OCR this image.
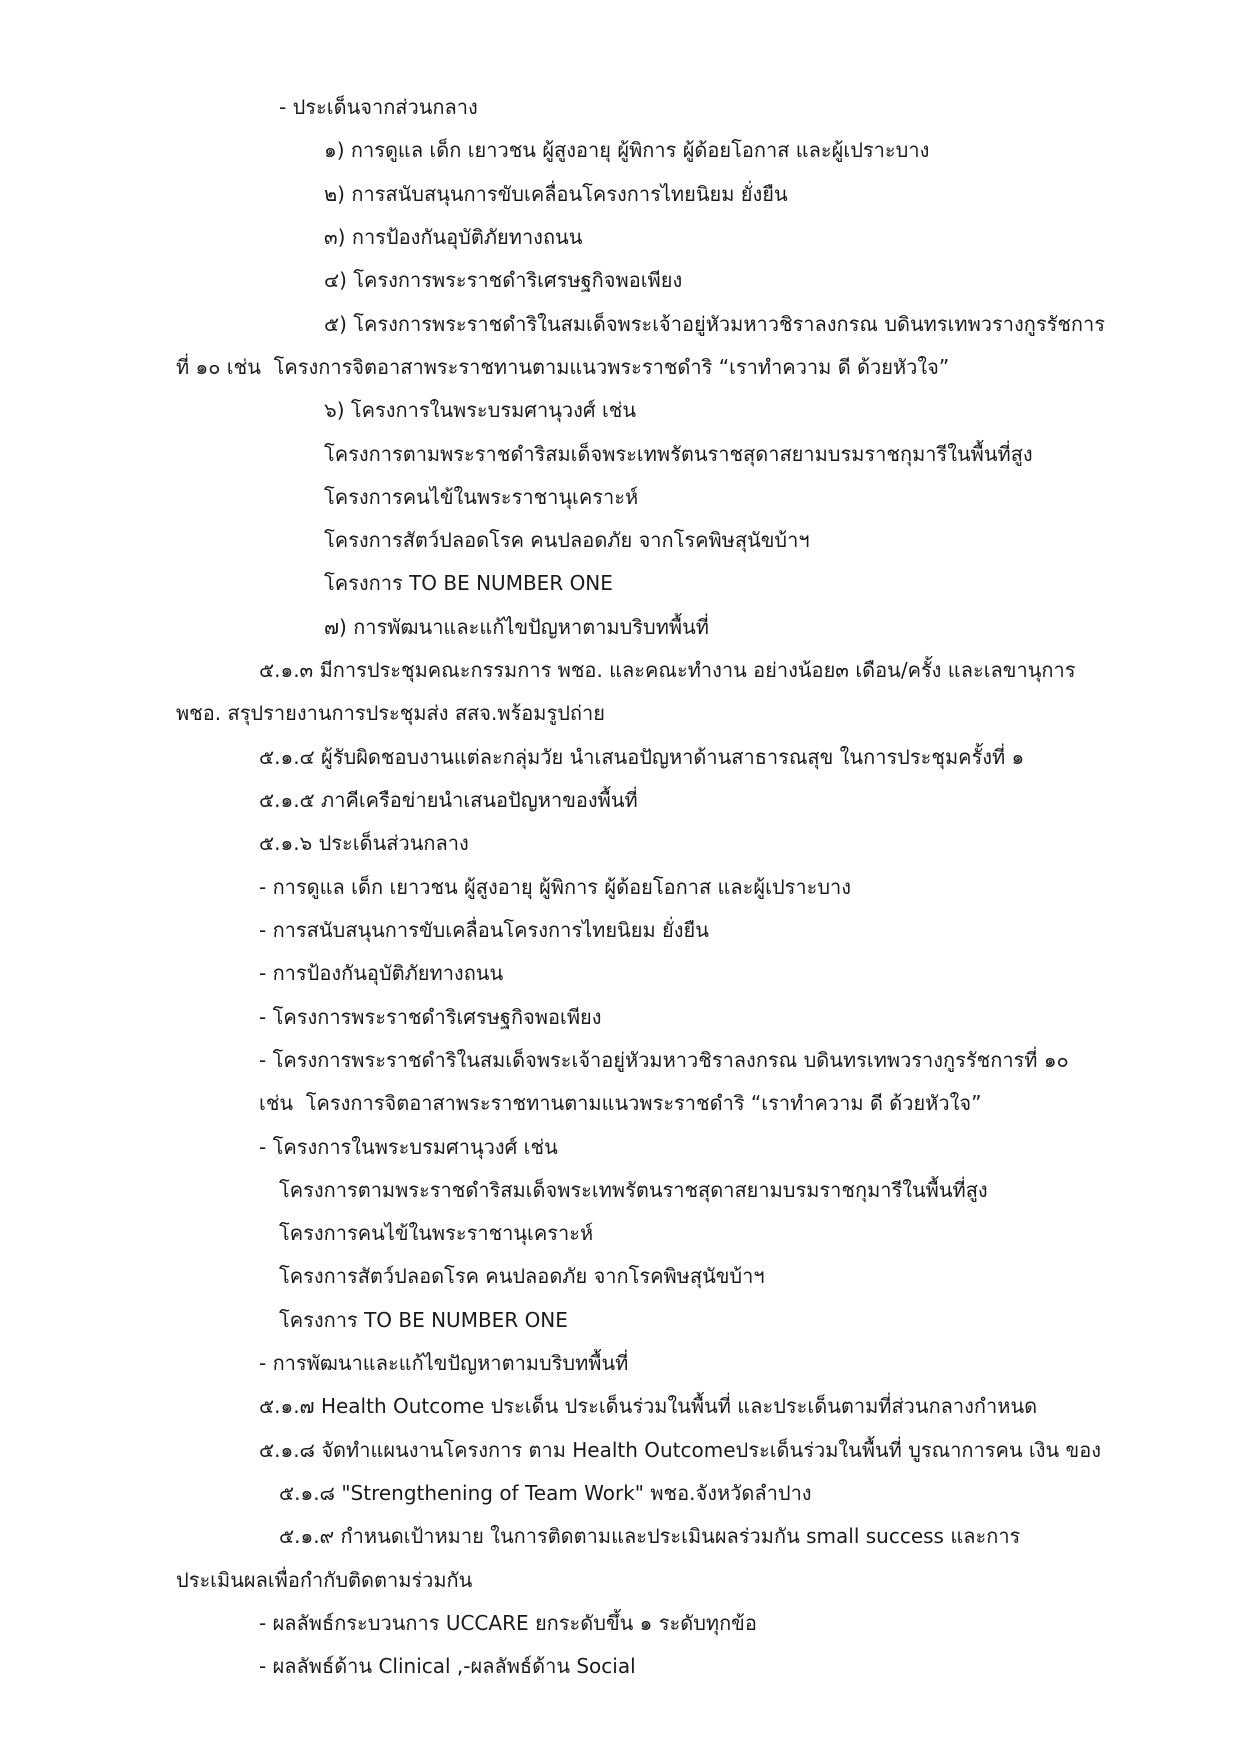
- ประเด็นจากส่วนกลาง
๑) การดูแล เด็ก เยาวชน ผู้สูงอายุ ผู้พิการ ผู้ด้อยโอกาส และผู้เปราะบาง
๒) การสนับสนุนการขับเคลื่อนโครงการไทยนิยม ยั่งยืน
๓) การป้องกันอุบัติภัยทางถนน
๔) โครงการพระราชดำริเศรษฐกิจพอเพียง
๕) โครงการพระราชดำริในสมเด็จพระเจ้าอยู่หัวมหาวชิราลงกรณ บดินทรเทพวรางกูรรัชการ
ที่ ๑๐ เช่น  โครงการจิตอาสาพระราชทานตามแนวพระราชดำริ “เราทำความ ดี ด้วยหัวใจ”
๖) โครงการในพระบรมศานุวงศ์ เช่น
โครงการตามพระราชดำริสมเด็จพระเทพรัตนราชสุดาสยามบรมราชกุมารีในพื้นที่สูง
โครงการคนไข้ในพระราชานุเคราะห์
โครงการสัตว์ปลอดโรค คนปลอดภัย จากโรคพิษสุนัขบ้าฯ
โครงการ TO BE NUMBER ONE
๗) การพัฒนาและแก้ไขปัญหาตามบริบทพื้นที่
๕.๑.๓ มีการประชุมคณะกรรมการ พชอ. และคณะทำงาน อย่างน้อย๓ เดือน/ครั้ง และเลขานุการ
พชอ. สรุปรายงานการประชุมส่ง สสจ.พร้อมรูปถ่าย
๕.๑.๔ ผู้รับผิดชอบงานแต่ละกลุ่มวัย นำเสนอปัญหาด้านสาธารณสุข ในการประชุมครั้งที่ ๑
๕.๑.๕ ภาคีเครือข่ายนำเสนอปัญหาของพื้นที่
๕.๑.๖ ประเด็นส่วนกลาง
- การดูแล เด็ก เยาวชน ผู้สูงอายุ ผู้พิการ ผู้ด้อยโอกาส และผู้เปราะบาง
- การสนับสนุนการขับเคลื่อนโครงการไทยนิยม ยั่งยืน
- การป้องกันอุบัติภัยทางถนน
- โครงการพระราชดำริเศรษฐกิจพอเพียง
- โครงการพระราชดำริในสมเด็จพระเจ้าอยู่หัวมหาวชิราลงกรณ บดินทรเทพวรางกูรรัชการที่ ๑๐
เช่น  โครงการจิตอาสาพระราชทานตามแนวพระราชดำริ “เราทำความ ดี ด้วยหัวใจ”
- โครงการในพระบรมศานุวงศ์ เช่น
โครงการตามพระราชดำริสมเด็จพระเทพรัตนราชสุดาสยามบรมราชกุมารีในพื้นที่สูง
โครงการคนไข้ในพระราชานุเคราะห์
โครงการสัตว์ปลอดโรค คนปลอดภัย จากโรคพิษสุนัขบ้าฯ
โครงการ TO BE NUMBER ONE
- การพัฒนาและแก้ไขปัญหาตามบริบทพื้นที่
๕.๑.๗ Health Outcome ประเด็น ประเด็นร่วมในพื้นที่ และประเด็นตามที่ส่วนกลางกำหนด
๕.๑.๘ จัดทำแผนงานโครงการ ตาม Health Outcomeประเด็นร่วมในพื้นที่ บูรณาการคน เงิน ของ
๕.๑.๘ "Strengthening of Team Work" พชอ.จังหวัดลำปาง
๕.๑.๙ กำหนดเป้าหมาย ในการติดตามและประเมินผลร่วมกัน small success และการ
ประเมินผลเพื่อกำกับติดตามร่วมกัน
- ผลลัพธ์กระบวนการ UCCARE ยกระดับขึ้น ๑ ระดับทุกข้อ
- ผลลัพธ์ด้าน Clinical ,-ผลลัพธ์ด้าน Social
